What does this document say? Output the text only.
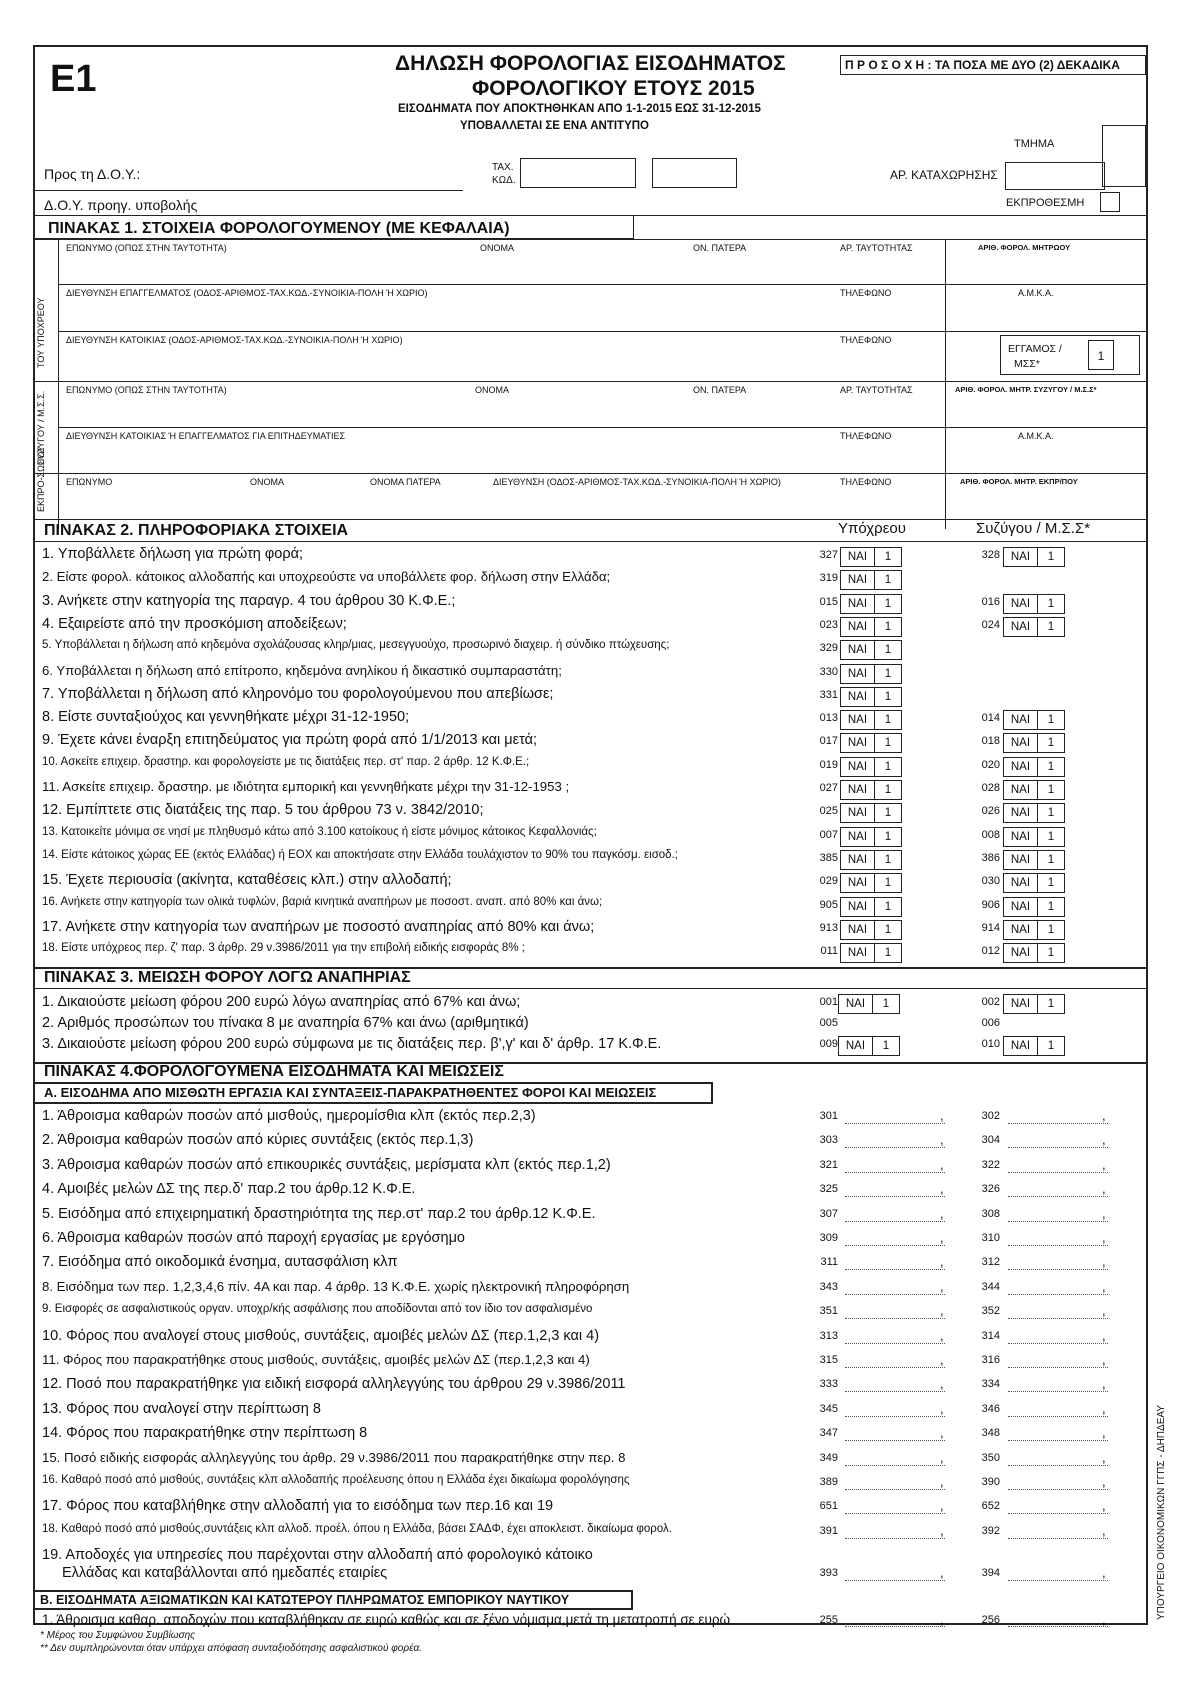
Ε1	ΔΗΛΩΣΗ ΦΟΡΟΛΟΓΙΑΣ ΕΙΣΟΔΗΜΑΤΟΣ
ΦΟΡΟΛΟΓΙΚΟΥ ΕΤΟΥΣ 2015
ΕΙΣΟΔΗΜΑΤΑ ΠΟΥ ΑΠΟΚΤΗΘΗΚΑΝ ΑΠΟ 1-1-2015 ΕΩΣ 31-12-2015
ΥΠΟΒΑΛΛΕΤΑΙ ΣΕ ΕΝΑ ΑΝΤΙΤΥΠΟ
Π Ρ Ο Σ Ο Χ Η : ΤΑ ΠΟΣΑ ΜΕ ΔΥΟ (2) ΔΕΚΑΔΙΚΑ
Προς τη Δ.Ο.Υ.:
Δ.Ο.Υ. προηγ. υποβολής
ΤΑΧ.
ΚΩΔ.	ΑΡ. ΚΑΤΑΧΩΡΗΣΗΣ
ΤΜΗΜΑ
ΕΚΠΡΟΘΕΣΜΗ
ΠΙΝΑΚΑΣ 1. ΣΤΟΙΧΕΙΑ ΦΟΡΟΛΟΓΟΥΜΕΝΟΥ (ΜΕ ΚΕΦΑΛΑΙΑ)
ΤΟΥ ΥΠΟΧΡΕΟΥ
ΣΥΖΥΓΟΥ / Μ.Σ.Σ.
ΕΚΠΡΟ-ΣΩΠΟΥ
ΕΠΩΝΥΜΟ (ΟΠΩΣ ΣΤΗΝ ΤΑΥΤΟΤΗΤΑ)	ΟΝΟΜΑ	ΟΝ. ΠΑΤΕΡΑ	ΑΡ. ΤΑΥΤΟΤΗΤΑΣ	ΑΡΙΘ. ΦΟΡΟΛ. ΜΗΤΡΩΟΥ
ΔΙΕΥΘΥΝΣΗ ΕΠΑΓΓΕΛΜΑΤΟΣ (ΟΔΟΣ-ΑΡΙΘΜΟΣ-ΤΑΧ.ΚΩΔ.-ΣΥΝΟΙΚΙΑ-ΠΟΛΗ Ή ΧΩΡΙΟ)	ΤΗΛΕΦΩΝΟ	Α.Μ.Κ.Α.
ΔΙΕΥΘΥΝΣΗ ΚΑΤΟΙΚΙΑΣ (ΟΔΟΣ-ΑΡΙΘΜΟΣ-ΤΑΧ.ΚΩΔ.-ΣΥΝΟΙΚΙΑ-ΠΟΛΗ Ή ΧΩΡΙΟ)	ΤΗΛΕΦΩΝΟ
ΕΓΓΑΜΟΣ /
ΜΣΣ*
1
ΕΠΩΝΥΜΟ (ΟΠΩΣ ΣΤΗΝ ΤΑΥΤΟΤΗΤΑ)	ΟΝΟΜΑ	ΟΝ. ΠΑΤΕΡΑ	ΑΡ. ΤΑΥΤΟΤΗΤΑΣ	ΑΡΙΘ. ΦΟΡΟΛ. ΜΗΤΡ. ΣΥΖΥΓΟΥ / Μ.Σ.Σ*
ΔΙΕΥΘΥΝΣΗ ΚΑΤΟΙΚΙΑΣ Ή ΕΠΑΓΓΕΛΜΑΤΟΣ ΓΙΑ ΕΠΙΤΗΔΕΥΜΑΤΙΕΣ	ΤΗΛΕΦΩΝΟ	Α.Μ.Κ.Α.
ΕΠΩΝΥΜΟ	ΟΝΟΜΑ	ΟΝΟΜΑ ΠΑΤΕΡΑ	ΔΙΕΥΘΥΝΣΗ (ΟΔΟΣ-ΑΡΙΘΜΟΣ-ΤΑΧ.ΚΩΔ.-ΣΥΝΟΙΚΙΑ-ΠΟΛΗ Ή ΧΩΡΙΟ)	ΤΗΛΕΦΩΝΟ	ΑΡΙΘ. ΦΟΡΟΛ. ΜΗΤΡ. ΕΚΠΡ/ΠΟΥ
ΠΙΝΑΚΑΣ 2. ΠΛΗΡΟΦΟΡΙΑΚΑ ΣΤΟΙΧΕΙΑ	Υπόχρεου	Συζύγου / Μ.Σ.Σ*
1. Υποβάλλετε δήλωση για πρώτη φορά;	327 ΝΑΙ	1	328 ΝΑΙ	1
2. Είστε φορολ. κάτοικος αλλοδαπής και υποχρεούστε να υποβάλλετε φορ. δήλωση στην Ελλάδα;	319 ΝΑΙ	1
3. Ανήκετε στην κατηγορία της παραγρ. 4 του άρθρου 30 Κ.Φ.Ε.;	015 ΝΑΙ	1	016 ΝΑΙ	1
4. Εξαιρείστε από την προσκόμιση αποδείξεων;	023 ΝΑΙ	1	024 ΝΑΙ	1
5. Υποβάλλεται η δήλωση από κηδεμόνα σχολάζουσας κληρ/μιας, μεσεγγυούχο, προσωρινό διαχειρ. ή σύνδικο πτώχευσης;	329 ΝΑΙ	1
6. Υποβάλλεται η δήλωση από επίτροπο, κηδεμόνα ανηλίκου ή δικαστικό συμπαραστάτη;	330 ΝΑΙ	1
7. Υποβάλλεται η δήλωση από κληρονόμο του φορολογούμενου που απεβίωσε;	331 ΝΑΙ	1
8. Είστε συνταξιούχος και γεννηθήκατε μέχρι 31-12-1950;	013 ΝΑΙ	1	014 ΝΑΙ	1
9. Έχετε κάνει έναρξη επιτηδεύματος για πρώτη φορά από 1/1/2013 και μετά;	017 ΝΑΙ	1	018 ΝΑΙ	1
10. Ασκείτε επιχειρ. δραστηρ. και φορολογείστε με τις διατάξεις περ. στ' παρ. 2 άρθρ. 12 Κ.Φ.Ε.;	019 ΝΑΙ	1	020 ΝΑΙ	1
11. Ασκείτε επιχειρ. δραστηρ. με ιδιότητα εμπορική και γεννηθήκατε μέχρι την 31-12-1953 ;	027 ΝΑΙ	1	028 ΝΑΙ	1
12. Εμπίπτετε στις διατάξεις της παρ. 5 του άρθρου 73 ν. 3842/2010;	025 ΝΑΙ	1	026 ΝΑΙ	1
13. Κατοικείτε μόνιμα σε νησί με πληθυσμό κάτω από 3.100 κατοίκους ή είστε μόνιμος κάτοικος Κεφαλλονιάς;	007 ΝΑΙ	1	008 ΝΑΙ	1
14. Είστε κάτοικος χώρας ΕΕ (εκτός Ελλάδας) ή ΕΟΧ και αποκτήσατε στην Ελλάδα τουλάχιστον το 90% του παγκόσμ. εισοδ.;	385 ΝΑΙ	1	386 ΝΑΙ	1
15. Έχετε περιουσία (ακίνητα, καταθέσεις κλπ.) στην αλλοδαπή;	029 ΝΑΙ	1	030 ΝΑΙ	1
16. Ανήκετε στην κατηγορία των ολικά τυφλών, βαριά κινητικά αναπήρων με ποσοστ. αναπ. από 80% και άνω;	905 ΝΑΙ	1	906 ΝΑΙ	1
17. Ανήκετε στην κατηγορία των αναπήρων με ποσοστό αναπηρίας από 80% και άνω;	913 ΝΑΙ	1	914 ΝΑΙ	1
18. Είστε υπόχρεος περ. ζ' παρ. 3 άρθρ. 29 ν.3986/2011 για την επιβολή ειδικής εισφοράς 8% ;	011 ΝΑΙ	1	012 ΝΑΙ	1
ΠΙΝΑΚΑΣ 3. ΜΕΙΩΣΗ ΦΟΡΟΥ ΛΟΓΩ ΑΝΑΠΗΡΙΑΣ
1. Δικαιούστε μείωση φόρου 200 ευρώ λόγω αναπηρίας από 67% και άνω;	001 ΝΑΙ	1	002 ΝΑΙ	1
2. Αριθμός προσώπων του πίνακα 8 με αναπηρία 67% και άνω (αριθμητικά)	005	006
3. Δικαιούστε μείωση φόρου 200 ευρώ σύμφωνα με τις διατάξεις περ. β',γ' και δ' άρθρ. 17 Κ.Φ.Ε.	009 ΝΑΙ	1	010 ΝΑΙ	1
ΠΙΝΑΚΑΣ 4.ΦΟΡΟΛΟΓΟΥΜΕΝΑ ΕΙΣΟΔΗΜΑΤΑ ΚΑΙ ΜΕΙΩΣΕΙΣ
Α. ΕΙΣΟΔΗΜΑ ΑΠΟ ΜΙΣΘΩΤΗ ΕΡΓΑΣΙΑ ΚΑΙ ΣΥΝΤΑΞΕΙΣ-ΠΑΡΑΚΡΑΤΗΘΕΝΤΕΣ ΦΟΡΟΙ ΚΑΙ ΜΕΙΩΣΕΙΣ
1. Άθροισμα καθαρών ποσών από μισθούς, ημερομίσθια κλπ (εκτός περ.2,3)	301	,	302	,
2. Άθροισμα καθαρών ποσών από κύριες συντάξεις (εκτός περ.1,3)	303	,	304	,
3. Άθροισμα καθαρών ποσών από επικουρικές συντάξεις, μερίσματα κλπ (εκτός περ.1,2)	321	,	322	,
4. Αμοιβές μελών ΔΣ της περ.δ' παρ.2 του άρθρ.12 Κ.Φ.Ε.	325	,	326	,
5. Εισόδημα από επιχειρηματική δραστηριότητα της περ.στ' παρ.2 του άρθρ.12 Κ.Φ.Ε.	307	,	308	,
6. Άθροισμα καθαρών ποσών από παροχή εργασίας με εργόσημο	309	,	310	,
7. Εισόδημα από οικοδομικά ένσημα, αυτασφάλιση κλπ	311	,	312	,
8. Εισόδημα των περ. 1,2,3,4,6 πίν. 4Α και παρ. 4 άρθρ. 13 Κ.Φ.Ε. χωρίς ηλεκτρονική πληροφόρηση	343	,	344	,
9. Εισφορές σε ασφαλιστικούς οργαν. υποχρ/κής ασφάλισης που αποδίδονται από τον ίδιο τον ασφαλισμένο	351	,	352	,
10. Φόρος που αναλογεί στους μισθούς, συντάξεις, αμοιβές μελών ΔΣ (περ.1,2,3 και 4)	313	,	314	,
11. Φόρος που παρακρατήθηκε στους μισθούς, συντάξεις, αμοιβές μελών ΔΣ (περ.1,2,3 και 4)	315	,	316	,
12. Ποσό που παρακρατήθηκε για ειδική εισφορά αλληλεγγύης του άρθρου 29 ν.3986/2011	333	,	334	,
13. Φόρος που αναλογεί στην περίπτωση 8	345	,	346	,
14. Φόρος που παρακρατήθηκε στην περίπτωση 8	347	,	348	,
15. Ποσό ειδικής εισφοράς αλληλεγγύης του άρθρ. 29 ν.3986/2011 που παρακρατήθηκε στην περ. 8	349	,	350	,
16. Καθαρό ποσό από μισθούς, συντάξεις κλπ αλλοδαπής προέλευσης όπου η Ελλάδα έχει δικαίωμα φορολόγησης	389	,	390	,
17. Φόρος που καταβλήθηκε στην αλλοδαπή για το εισόδημα των περ.16 και 19	651	,	652	,
18. Καθαρό ποσό από μισθούς,συντάξεις κλπ αλλοδ. προέλ. όπου η Ελλάδα, βάσει ΣΑΔΦ, έχει αποκλειστ. δικαίωμα φορολ.	391	,	392	,
19. Αποδοχές για υπηρεσίες που παρέχονται στην αλλοδαπή από φορολογικό κάτοικο
Ελλάδας και καταβάλλονται από ημεδαπές εταιρίες	393	,	394	,
Β. ΕΙΣΟΔΗΜΑΤΑ ΑΞΙΩΜΑΤΙΚΩΝ ΚΑΙ ΚΑΤΩΤΕΡΟΥ ΠΛΗΡΩΜΑΤΟΣ ΕΜΠΟΡΙΚΟΥ ΝΑΥΤΙΚΟΥ
1. Άθροισμα καθαρ. αποδοχών που καταβλήθηκαν σε ευρώ καθώς και σε ξένο νόμισμα,μετά τη μετατροπή σε ευρώ	255	,	256	,
* Μέρος του Συμφώνου Συμβίωσης
** Δεν συμπληρώνονται όταν υπάρχει απόφαση συνταξιοδότησης ασφαλιστικού φορέα.
ΥΠΟΥΡΓΕΙΟ ΟΙΚΟΝΟΜΙΚΩΝ ΓΓΠΣ - ΔΗΠΔΕΑΥ
